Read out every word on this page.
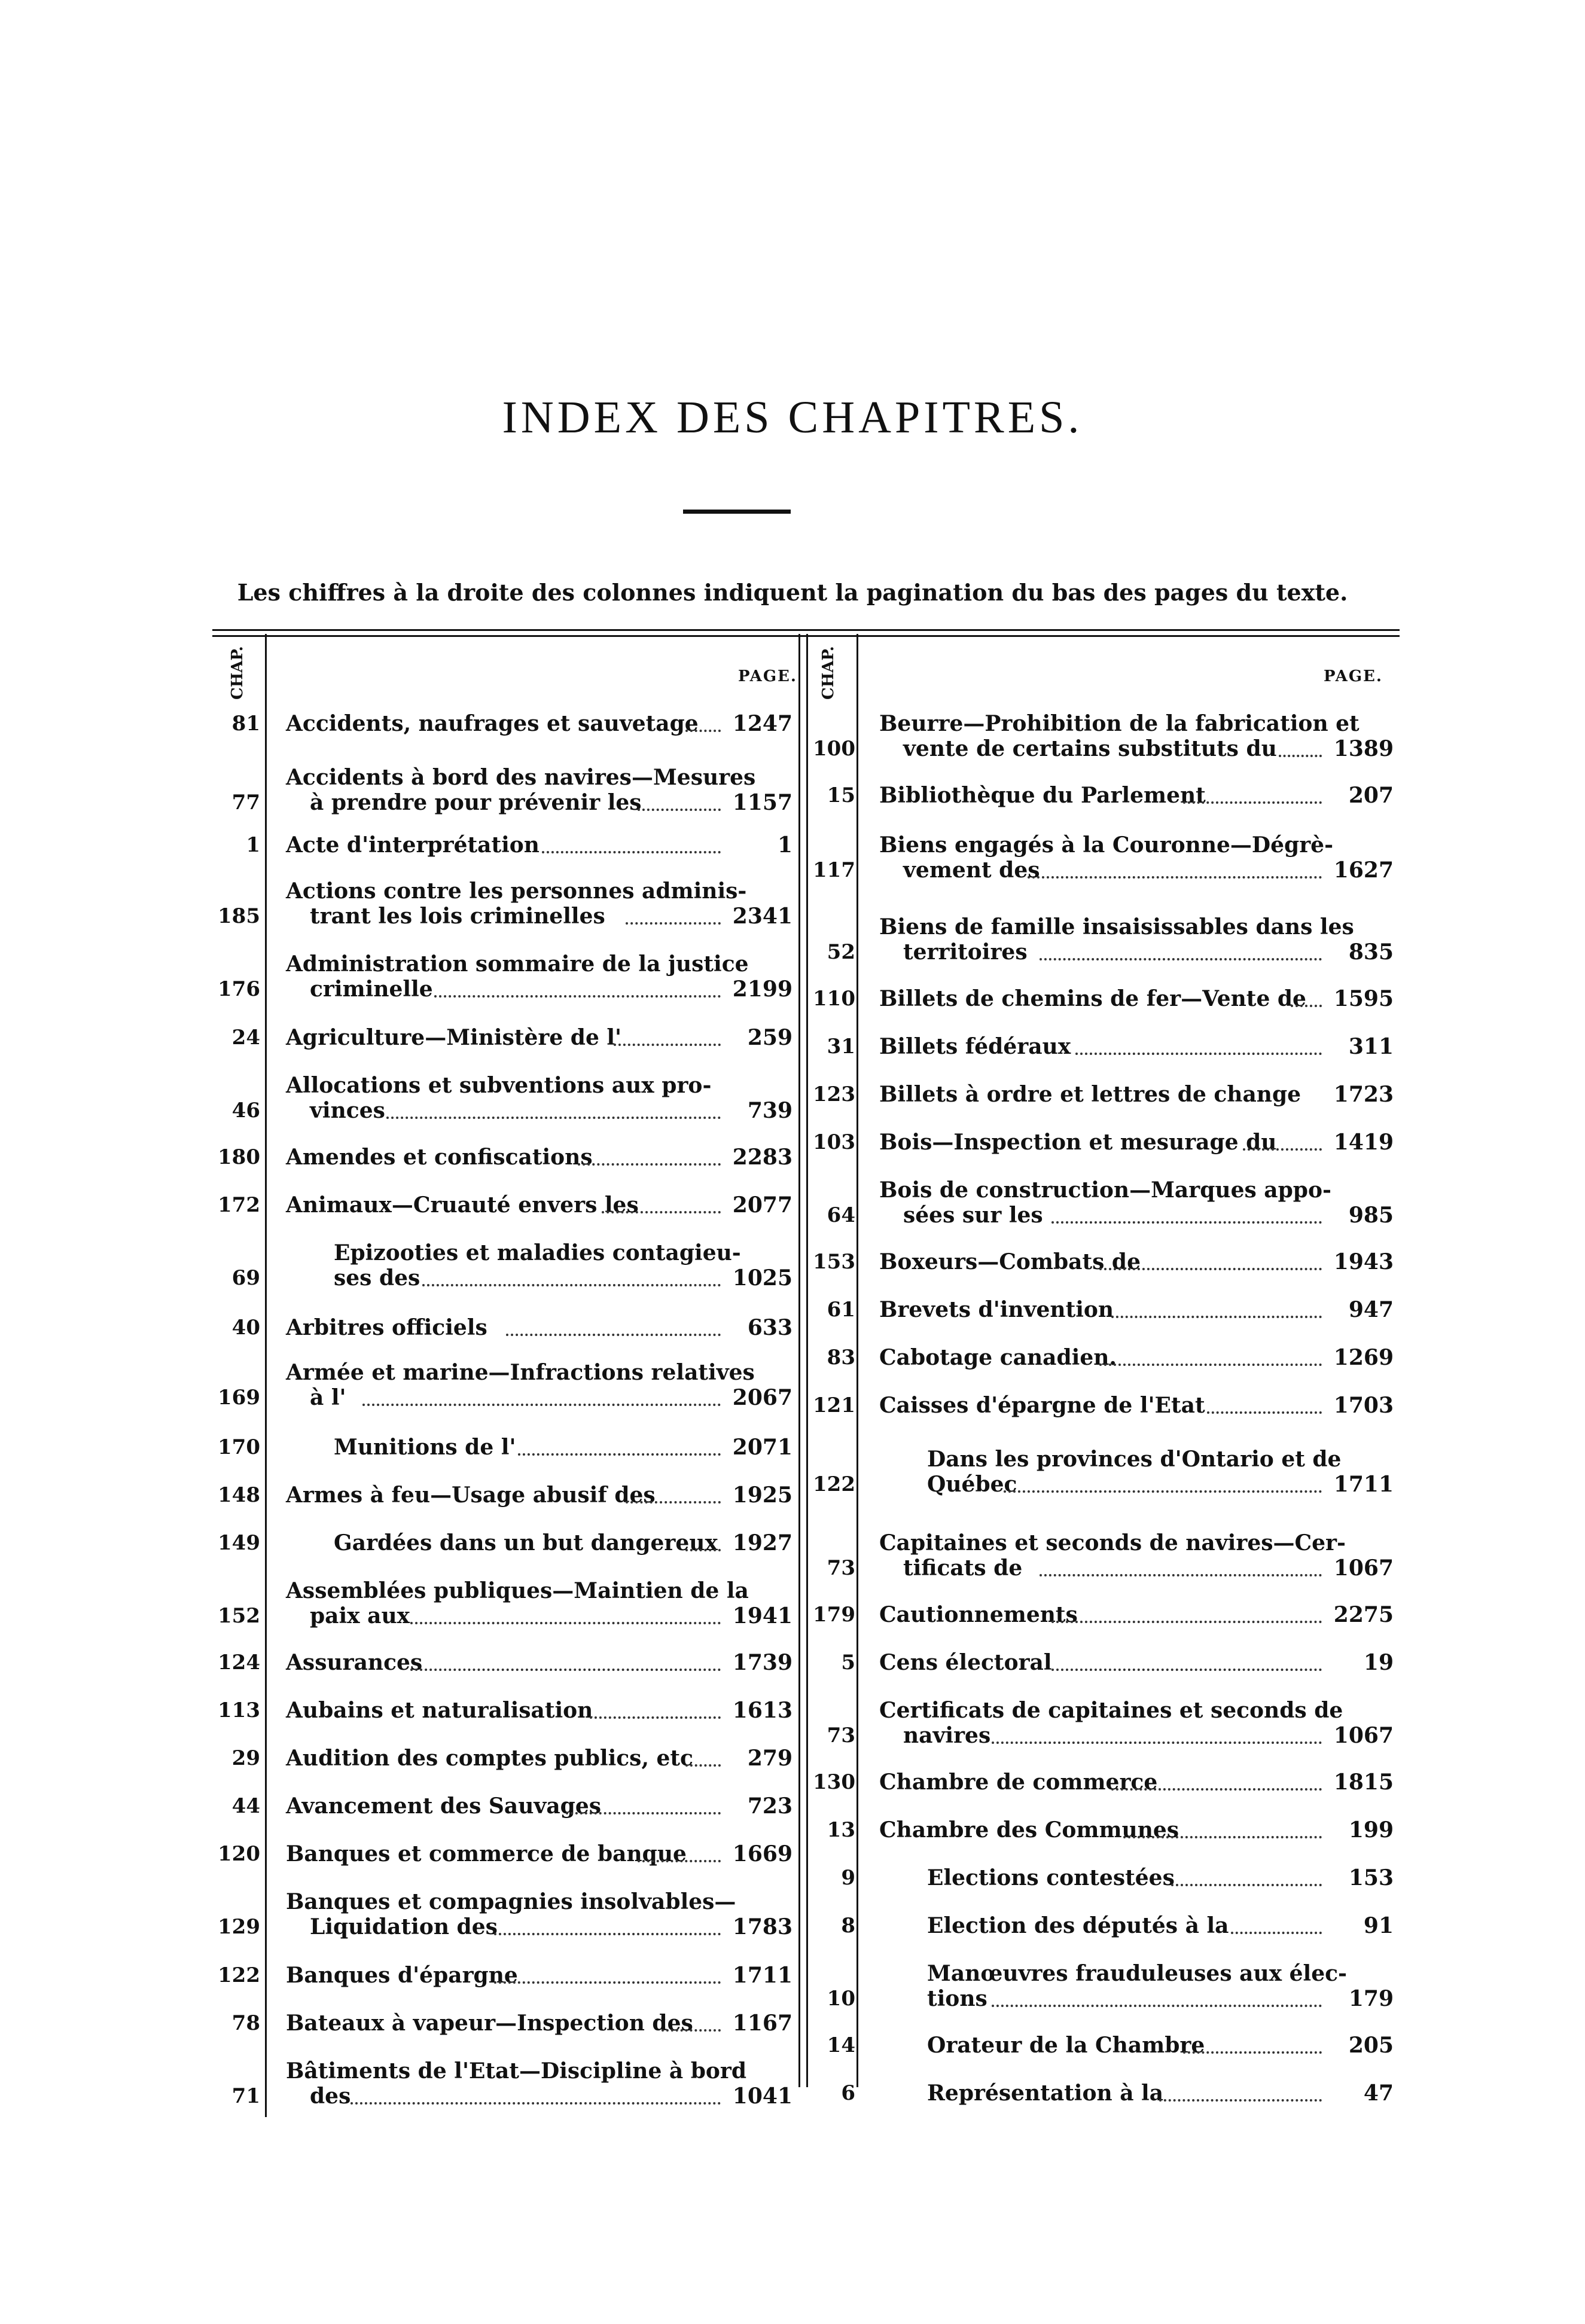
INDEX DES CHAPITRES.
Les chiffres à la droite des colonnes indiquent la pagination du bas des pages du texte.
CHAP.	PAGE. CHAP.	PAGE.
81 Accidents, naufrages et sauvetage	1247
77
Accidents à bord des navires—Mesures
à prendre pour prévenir les	1157
1 Acte d'interprétation	1
185
Actions contre les personnes adminis-
trant les lois criminelles	2341
176
Administration sommaire de la justice
criminelle	2199
24 Agriculture—Ministère de l'	259
46
Allocations et subventions aux pro-
vinces	739
180 Amendes et confiscations	2283
172 Animaux—Cruauté envers les	2077
69
Epizooties et maladies contagieu-
ses des	1025
40 Arbitres officiels	633
169
Armée et marine—Infractions relatives
à l'	2067
170	Munitions de l'	2071
148 Armes à feu—Usage abusif des	1925
149	Gardées dans un but dangereux 1927
152
Assemblées publiques—Maintien de la
paix aux	1941
124 Assurances	1739
113 Aubains et naturalisation	1613
29 Audition des comptes publics, etc	279
44 Avancement des Sauvages	723
120 Banques et commerce de banque	1669
129
Banques et compagnies insolvables—
Liquidation des	1783
122 Banques d'épargne	1711
78 Bateaux à vapeur—Inspection des	1167
71
Bâtiments de l'Etat—Discipline à bord
des	1041
100
Beurre—Prohibition de la fabrication et
vente de certains substituts du	1389
15 Bibliothèque du Parlement	207
117
Biens engagés à la Couronne—Dégrè-
vement des	1627
52
Biens de famille insaisissables dans les
territoires	835
110 Billets de chemins de fer—Vente de	1595
31 Billets fédéraux	311
123 Billets à ordre et lettres de change	1723
103 Bois—Inspection et mesurage du	1419
64
Bois de construction—Marques appo-
sées sur les	985
153 Boxeurs—Combats de	1943
61 Brevets d'invention	947
83 Cabotage canadien.	1269
121 Caisses d'épargne de l'Etat	1703
122
Dans les provinces d'Ontario et de
Québec	1711
73
Capitaines et seconds de navires—Cer-
tificats de	1067
179 Cautionnements	2275
5 Cens électoral	19
73
Certificats de capitaines et seconds de
navires	1067
130 Chambre de commerce	1815
13 Chambre des Communes	199
9	Elections contestées	153
8	Election des députés à la	91
10
Manœuvres frauduleuses aux élec-
tions	179
14	Orateur de la Chambre	205
6	Représentation à la	47
